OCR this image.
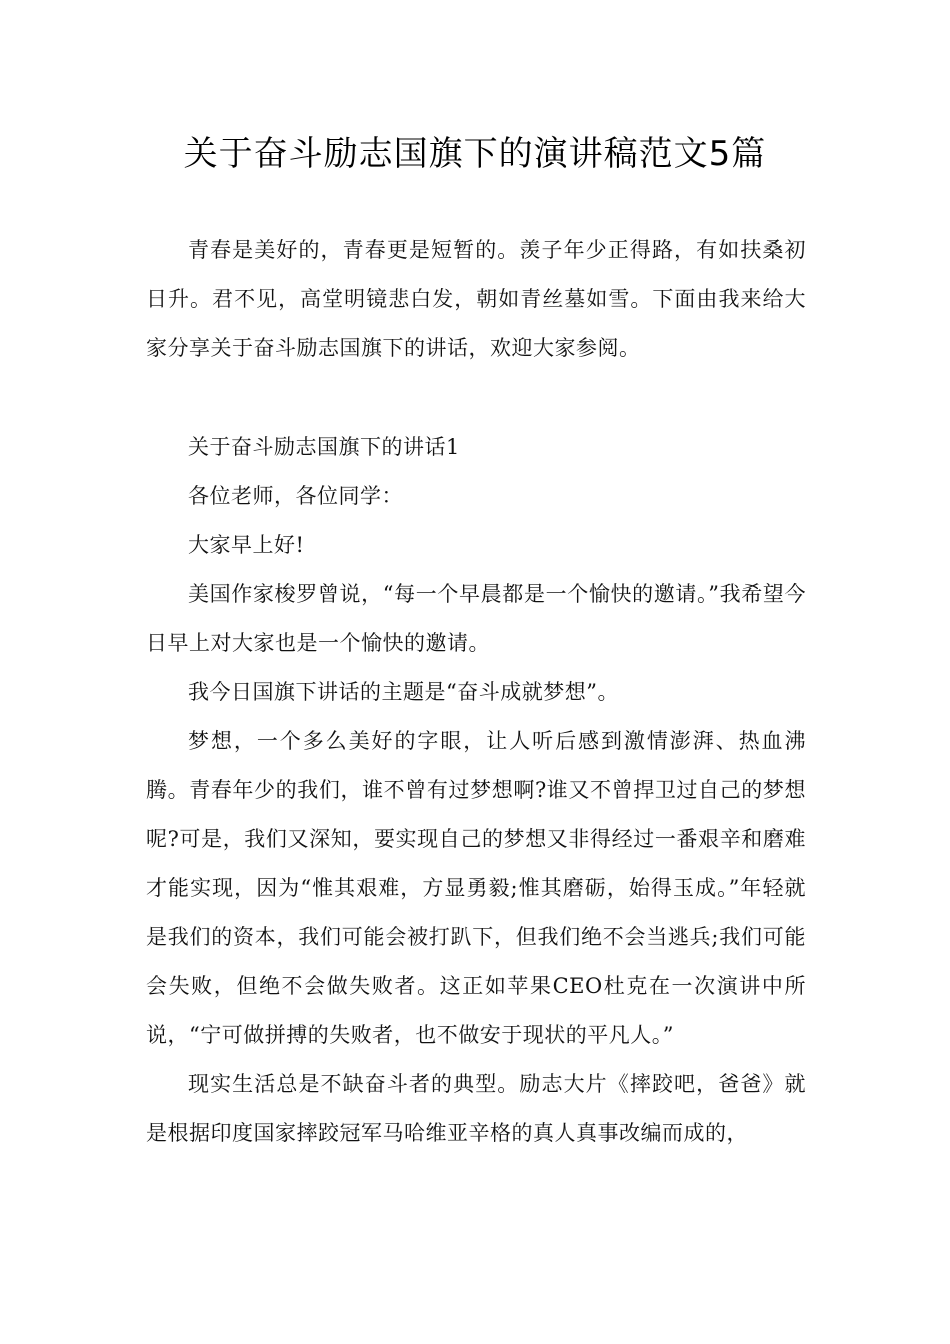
关于奋斗励志国旗下的演讲稿范文5篇

青春是美好的，青春更是短暂的。羡子年少正得路，有如扶桑初日升。君不见，高堂明镜悲白发，朝如青丝墓如雪。下面由我来给大家分享关于奋斗励志国旗下的讲话，欢迎大家参阅。

关于奋斗励志国旗下的讲话1

各位老师，各位同学：

大家早上好!

美国作家梭罗曾说，“每一个早晨都是一个愉快的邀请。”我希望今日早上对大家也是一个愉快的邀请。

我今日国旗下讲话的主题是“奋斗成就梦想”。

梦想，一个多么美好的字眼，让人听后感到激情澎湃、热血沸腾。青春年少的我们，谁不曾有过梦想啊?谁又不曾捍卫过自己的梦想呢?可是，我们又深知，要实现自己的梦想又非得经过一番艰辛和磨难才能实现，因为“惟其艰难，方显勇毅;惟其磨砺，始得玉成。”年轻就是我们的资本，我们可能会被打趴下，但我们绝不会当逃兵;我们可能会失败，但绝不会做失败者。这正如苹果CEO杜克在一次演讲中所说，“宁可做拼搏的失败者，也不做安于现状的平凡人。”

现实生活总是不缺奋斗者的典型。励志大片《摔跤吧，爸爸》就是根据印度国家摔跤冠军马哈维亚辛格的真人真事改编而成的，
